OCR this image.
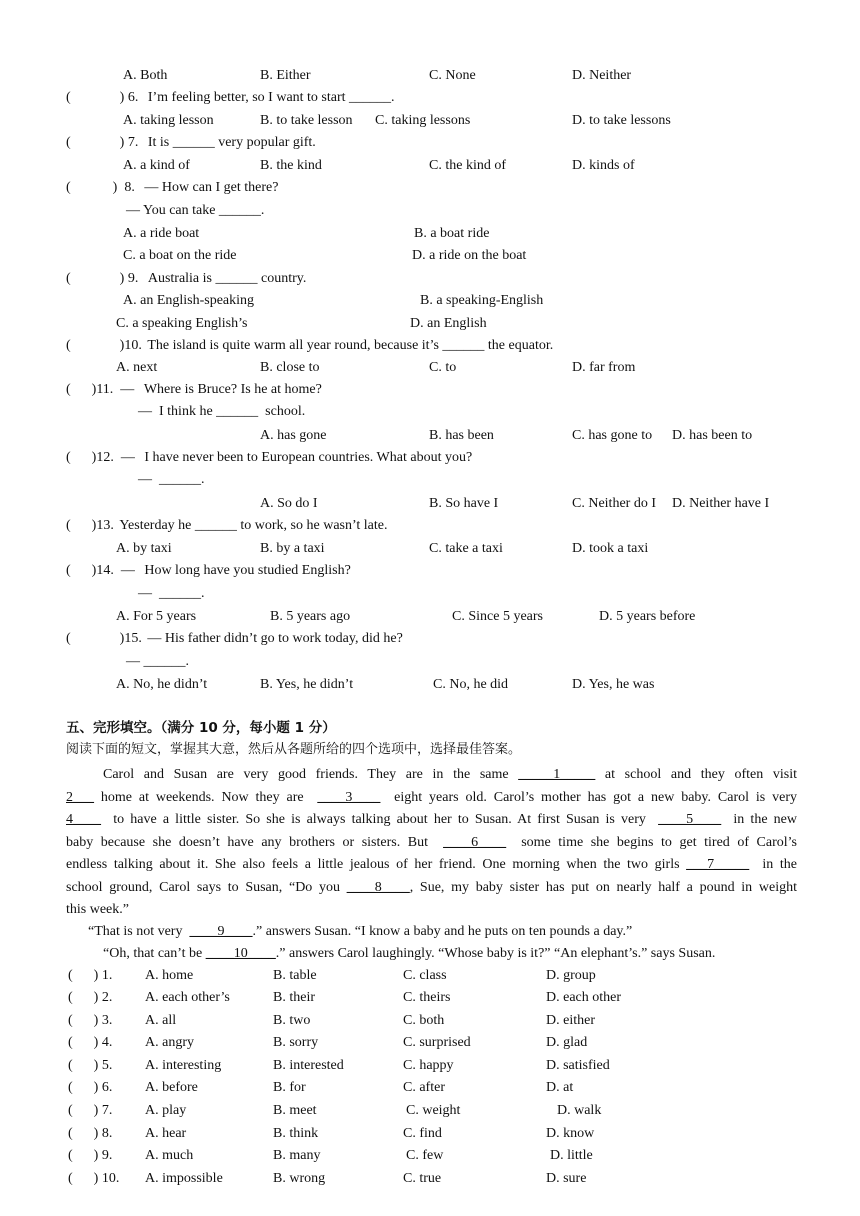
A. Both	B. Either	C. None	D. Neither
(              ) 6. I’m feeling better, so I want to start ______.
A. taking lesson	B. to take lesson C. taking lessons	D. to take lessons
(              ) 7. It is ______ very popular gift.
A. a kind of	B. the kind	C. the kind of	D. kinds of
(            )  8. — How can I get there?
— You can take ______.
A. a ride boat	B. a boat ride
C. a boat on the ride	D. a ride on the boat
(              ) 9. Australia is ______ country.
A. an English-speaking	B. a speaking-English
C. a speaking English’s	D. an English
(              )10. The island is quite warm all year round, because it’s ______ the equator.
A. next	B. close to	C. to	D. far from
(      )11.  — Where is Bruce? Is he at home?
—  I think he ______  school.
A. has gone	B. has been	C. has gone to D. has been to
(      )12.  — I have never been to European countries. What about you?
—  ______.
A. So do I	B. So have I	C. Neither do I D. Neither have I
(      )13. Yesterday he ______ to work, so he wasn’t late.
A. by taxi	B. by a taxi	C. take a taxi	D. took a taxi
(      )14.  — How long have you studied English?
—  ______.
A. For 5 years	B. 5 years ago	C. Since 5 years	D. 5 years before
(              )15. — His father didn’t go to work today, did he?
— ______.
A. No, he didn’t	B. Yes, he didn’t	C. No, he did	D. Yes, he was
五、完形填空。（满分 10 分，每小题 1 分）
阅读下面的短文，掌握其大意，然后从各题所给的四个选项中，选择最佳答案。
Carol and Susan are very good friends. They are in the same _____1_____ at school and they often visit
2___ home at weekends. Now they are  ____3____  eight years old. Carol’s mother has got a new baby. Carol is very
4____  to have a little sister. So she is always talking about her to Susan. At first Susan is very  ____5____  in the new
baby because she doesn’t have any brothers or sisters. But  ____6____  some time she begins to get tired of Carol’s
endless talking about it. She also feels a little jealous of her friend. One morning when the two girls ___7_____  in the
school ground, Carol says to Susan, “Do you ____8____, Sue, my baby sister has put on nearly half a pound in weight
this week.”
“That is not very  ____9____.” answers Susan. “I know a baby and he puts on ten pounds a day.”
“Oh, that can’t be ____10____.” answers Carol laughingly. “Whose baby is it?” “An elephant’s.” says Susan.
(      ) 1. A. home	B. table	C. class	D. group
(      ) 2. A. each other’s	B. their	C. theirs	D. each other
(      ) 3. A. all	B. two	C. both	D. either
(      ) 4. A. angry	B. sorry	C. surprised	D. glad
(      ) 5. A. interesting	B. interested	C. happy	D. satisfied
(      ) 6. A. before	B. for	C. after	D. at
(      ) 7. A. play	B. meet	C. weight	D. walk
(      ) 8. A. hear	B. think	C. find	D. know
(      ) 9. A. much	B. many	C. few	D. little
(      ) 10. A. impossible	B. wrong	C. true	D. sure
